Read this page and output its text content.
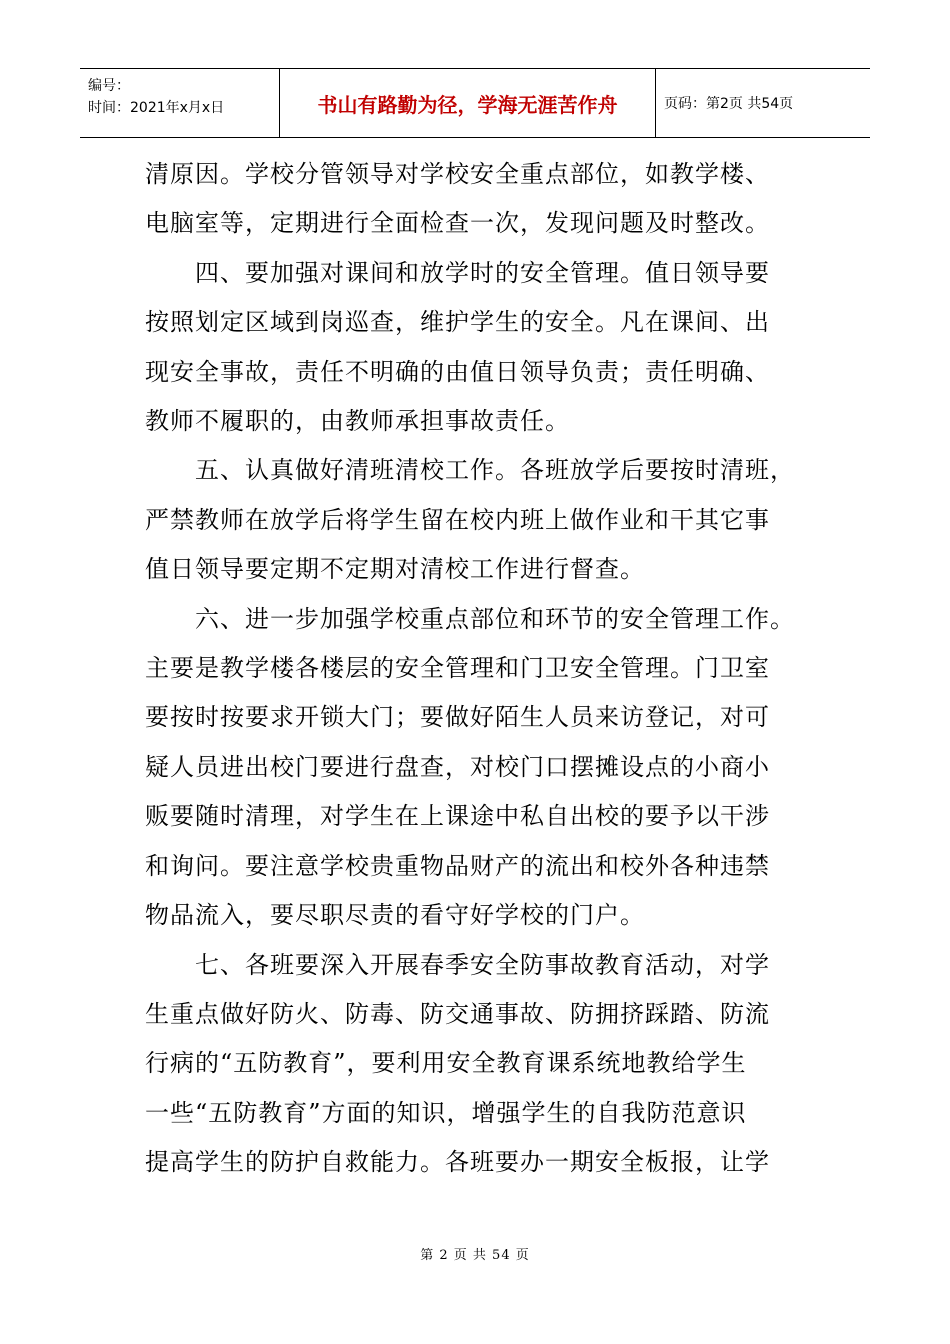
编号：
时间：2021年x月x日	书山有路勤为径，学海无涯苦作舟	页码：第2页 共54页

清原因。学校分管领导对学校安全重点部位，如教学楼、

电脑室等，定期进行全面检查一次，发现问题及时整改。

四、要加强对课间和放学时的安全管理。值日领导要

按照划定区域到岗巡查，维护学生的安全。凡在课间、出

现安全事故，责任不明确的由值日领导负责；责任明确、

教师不履职的，由教师承担事故责任。

五、认真做好清班清校工作。各班放学后要按时清班，

严禁教师在放学后将学生留在校内班上做作业和干其它事

值日领导要定期不定期对清校工作进行督查。

六、进一步加强学校重点部位和环节的安全管理工作。

主要是教学楼各楼层的安全管理和门卫安全管理。门卫室

要按时按要求开锁大门；要做好陌生人员来访登记，对可

疑人员进出校门要进行盘查，对校门口摆摊设点的小商小

贩要随时清理，对学生在上课途中私自出校的要予以干涉

和询问。要注意学校贵重物品财产的流出和校外各种违禁

物品流入，要尽职尽责的看守好学校的门户。

七、各班要深入开展春季安全防事故教育活动，对学

生重点做好防火、防毒、防交通事故、防拥挤踩踏、防流

行病的“五防教育”，要利用安全教育课系统地教给学生

一些“五防教育”方面的知识，增强学生的自我防范意识

提高学生的防护自救能力。各班要办一期安全板报，让学

第 2 页 共 54 页
